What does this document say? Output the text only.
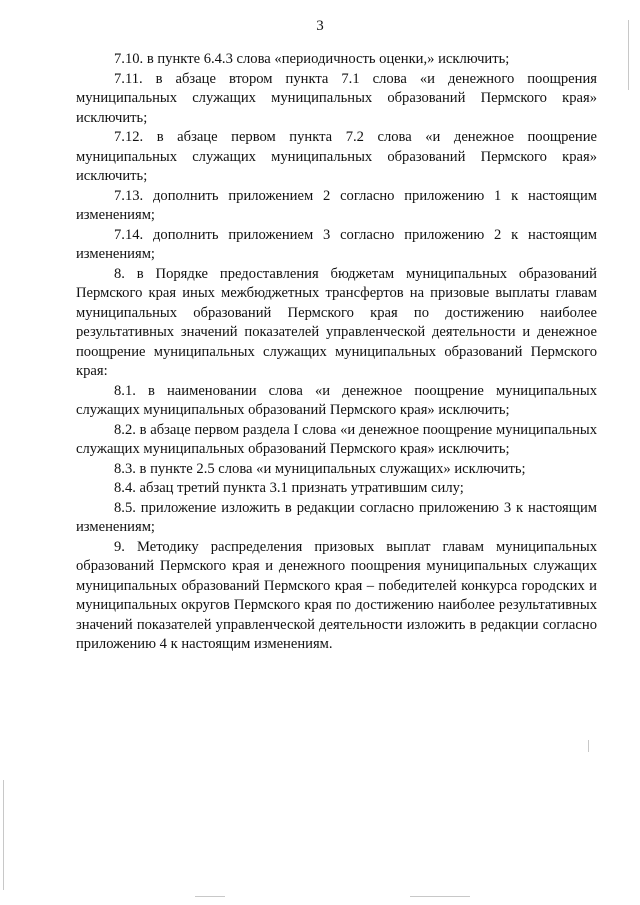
3

7.10. в пункте 6.4.3 слова «периодичность оценки,» исключить;

7.11. в абзаце втором пункта 7.1 слова «и денежного поощрения муниципальных служащих муниципальных образований Пермского края» исключить;

7.12. в абзаце первом пункта 7.2 слова «и денежное поощрение муниципальных служащих муниципальных образований Пермского края» исключить;

7.13. дополнить приложением 2 согласно приложению 1 к настоящим изменениям;

7.14. дополнить приложением 3 согласно приложению 2 к настоящим изменениям;

8. в Порядке предоставления бюджетам муниципальных образований Пермского края иных межбюджетных трансфертов на призовые выплаты главам муниципальных образований Пермского края по достижению наиболее результативных значений показателей управленческой деятельности и денежное поощрение муниципальных служащих муниципальных образований Пермского края:

8.1. в наименовании слова «и денежное поощрение муниципальных служащих муниципальных образований Пермского края» исключить;

8.2. в абзаце первом раздела I слова «и денежное поощрение муниципальных служащих муниципальных образований Пермского края» исключить;

8.3. в пункте 2.5 слова «и муниципальных служащих» исключить;

8.4. абзац третий пункта 3.1 признать утратившим силу;

8.5. приложение изложить в редакции согласно приложению 3 к настоящим изменениям;

9. Методику распределения призовых выплат главам муниципальных образований Пермского края и денежного поощрения муниципальных служащих муниципальных образований Пермского края – победителей конкурса городских и муниципальных округов Пермского края по достижению наиболее результативных значений показателей управленческой деятельности изложить в редакции согласно приложению 4 к настоящим изменениям.
